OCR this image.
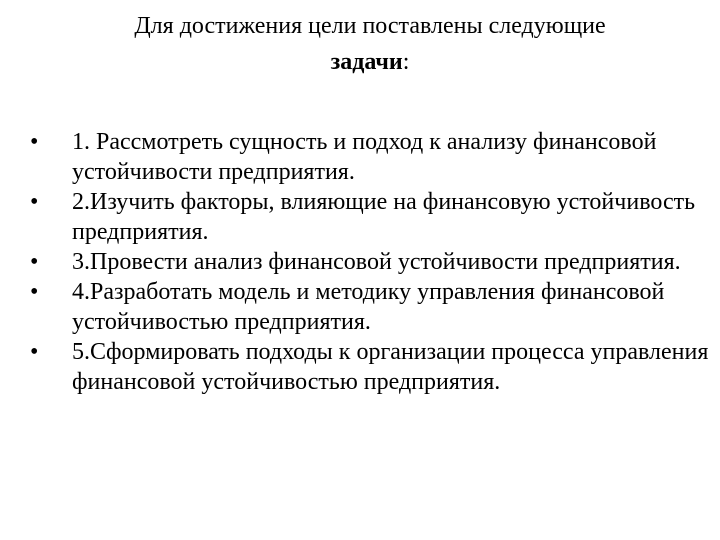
Для достижения цели поставлены следующие
задачи:
•	1. Рассмотреть сущность и подход к анализу финансовой устойчивости предприятия.
•	2.Изучить факторы, влияющие на финансовую устойчивость предприятия.
•	3.Провести анализ финансовой устойчивости предприятия.
•	4.Разработать модель и методику управления финансовой устойчивостью предприятия.
•	5.Сформировать подходы к организации процесса управления финансовой устойчивостью предприятия.
